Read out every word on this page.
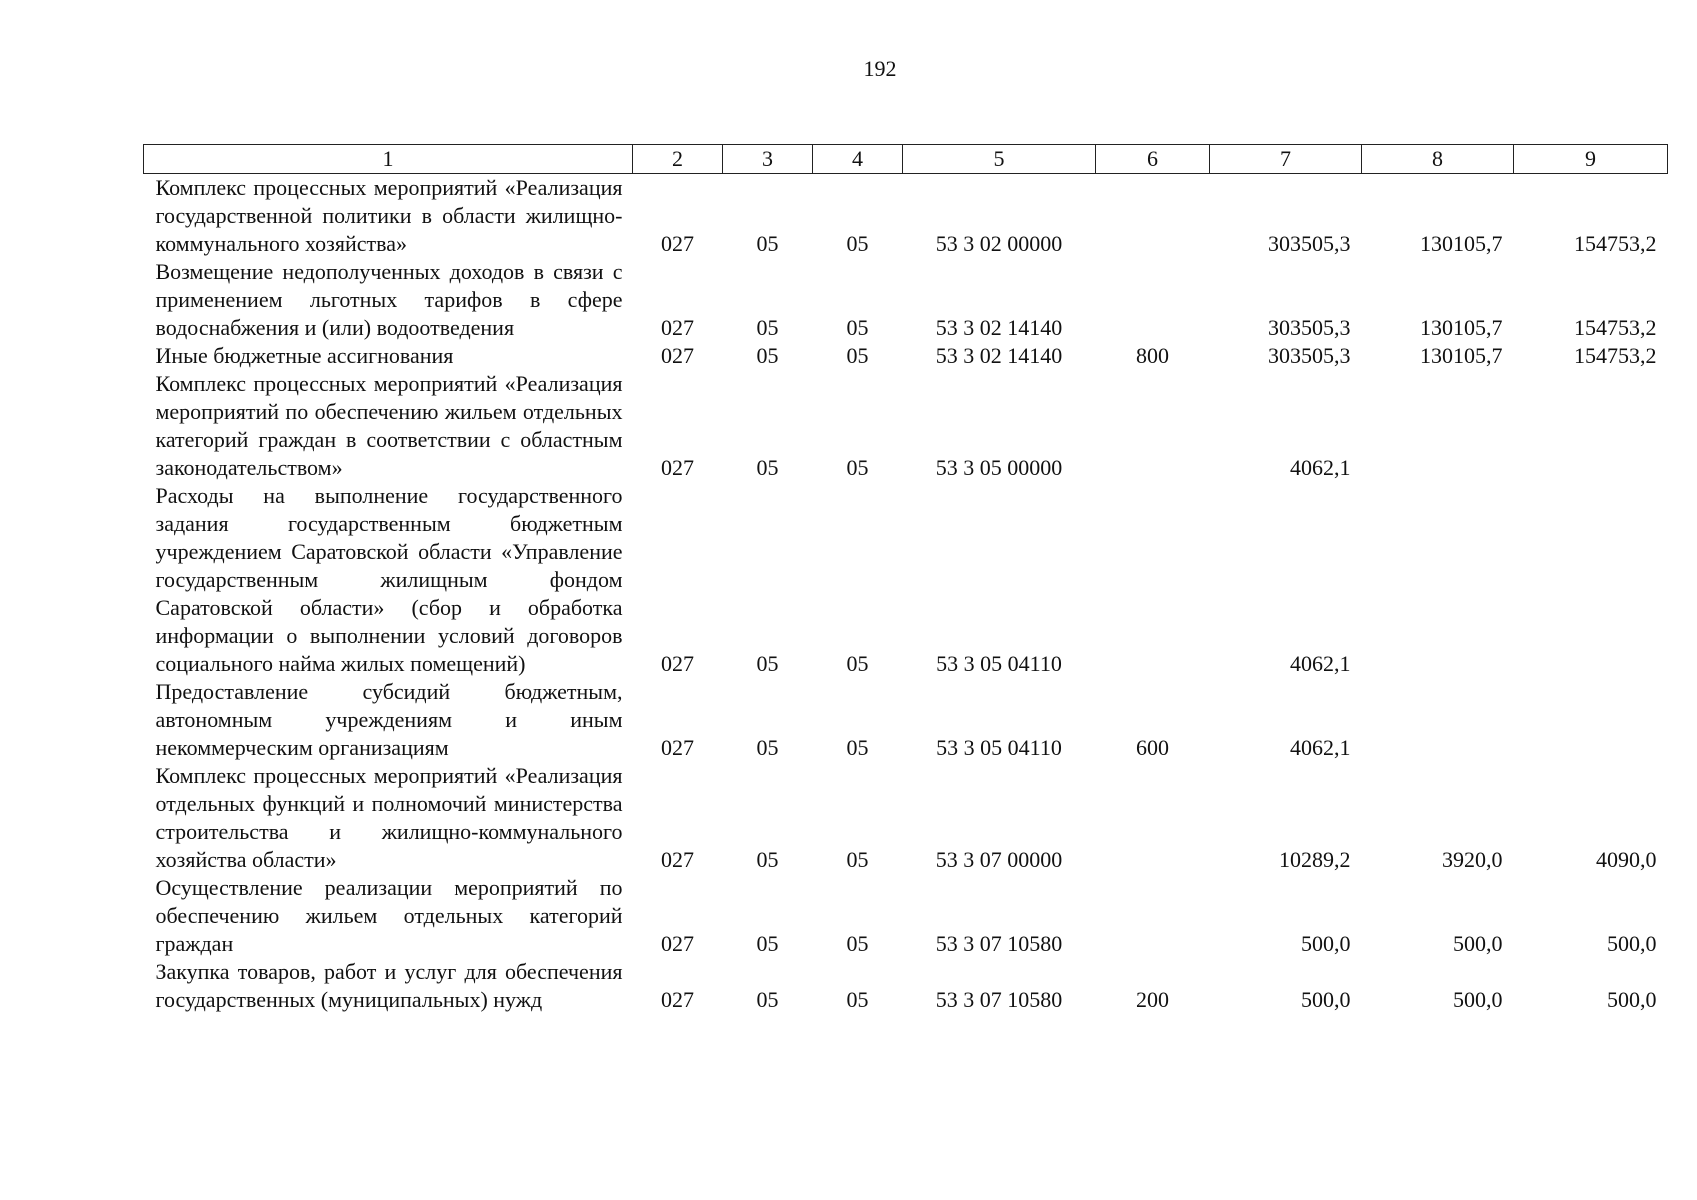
192
1	2	3	4	5	6	7	8	9
Комплекс процессных мероприятий «Реализация государственной политики в области жилищно-коммунального хозяйства»	027	05	05	53 3 02 00000		303505,3	130105,7	154753,2
Возмещение недополученных доходов в связи с применением льготных тарифов в сфере водоснабжения и (или) водоотведения	027	05	05	53 3 02 14140		303505,3	130105,7	154753,2
Иные бюджетные ассигнования	027	05	05	53 3 02 14140	800	303505,3	130105,7	154753,2
Комплекс процессных мероприятий «Реализация мероприятий по обеспечению жильем отдельных категорий граждан в соответствии с областным законодательством»	027	05	05	53 3 05 00000		4062,1		
Расходы на выполнение государственного задания государственным бюджетным учреждением Саратовской области «Управление государственным жилищным фондом Саратовской области» (сбор и обработка информации о выполнении условий договоров социального найма жилых помещений)	027	05	05	53 3 05 04110		4062,1		
Предоставление субсидий бюджетным, автономным учреждениям и иным некоммерческим организациям	027	05	05	53 3 05 04110	600	4062,1		
Комплекс процессных мероприятий «Реализация отдельных функций и полномочий министерства строительства и жилищно-коммунального хозяйства области»	027	05	05	53 3 07 00000		10289,2	3920,0	4090,0
Осуществление реализации мероприятий по обеспечению жильем отдельных категорий граждан	027	05	05	53 3 07 10580		500,0	500,0	500,0
Закупка товаров, работ и услуг для обеспечения государственных (муниципальных) нужд	027	05	05	53 3 07 10580	200	500,0	500,0	500,0
